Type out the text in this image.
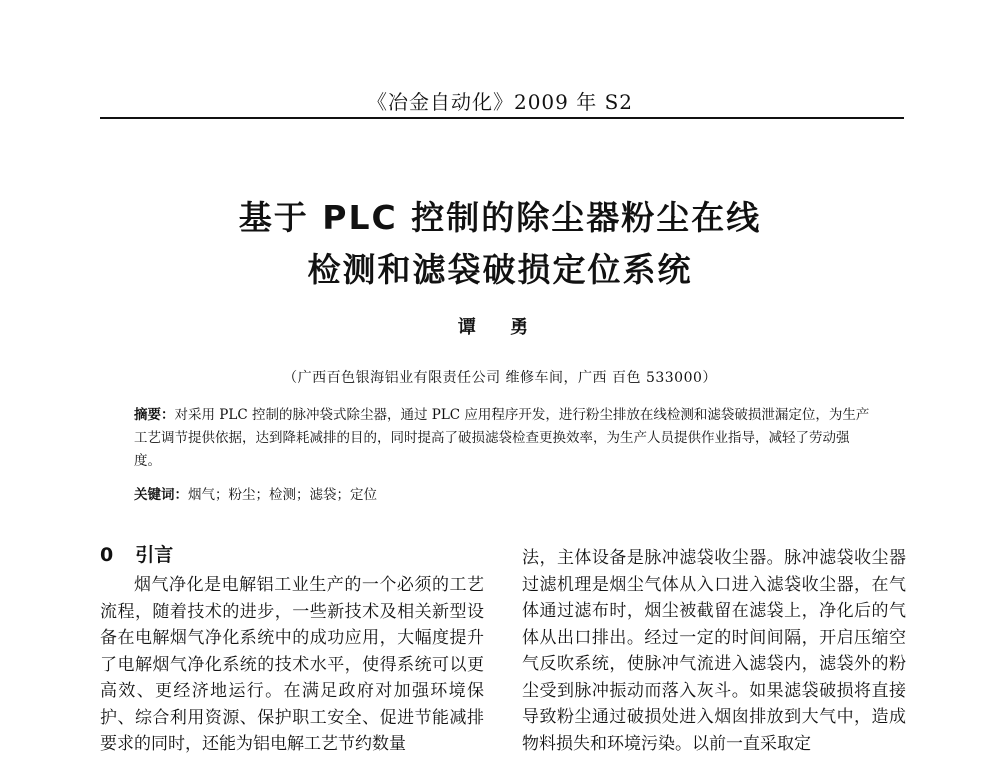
《冶金自动化》2009 年 S2
基于 PLC 控制的除尘器粉尘在线
检测和滤袋破损定位系统
谭 勇
（广西百色银海铝业有限责任公司 维修车间，广西 百色 533000）
摘要：对采用 PLC 控制的脉冲袋式除尘器，通过 PLC 应用程序开发，进行粉尘排放在线检测和滤袋破损泄漏定位，为生产工艺调节提供依据，达到降耗减排的目的，同时提高了破损滤袋检查更换效率，为生产人员提供作业指导，减轻了劳动强度。
关键词：烟气；粉尘；检测；滤袋；定位
0 引言

烟气净化是电解铝工业生产的一个必须的工艺流程，随着技术的进步，一些新技术及相关新型设备在电解烟气净化系统中的成功应用，大幅度提升了电解烟气净化系统的技术水平，使得系统可以更高效、更经济地运行。在满足政府对加强环境保护、综合利用资源、保护职工安全、促进节能减排要求的同时，还能为铝电解工艺节约数量

法，主体设备是脉冲滤袋收尘器。脉冲滤袋收尘器过滤机理是烟尘气体从入口进入滤袋收尘器，在气体通过滤布时，烟尘被截留在滤袋上，净化后的气体从出口排出。经过一定的时间间隔，开启压缩空气反吹系统，使脉冲气流进入滤袋内，滤袋外的粉尘受到脉冲振动而落入灰斗。如果滤袋破损将直接导致粉尘通过破损处进入烟囱排放到大气中，造成物料损失和环境污染。以前一直采取定
